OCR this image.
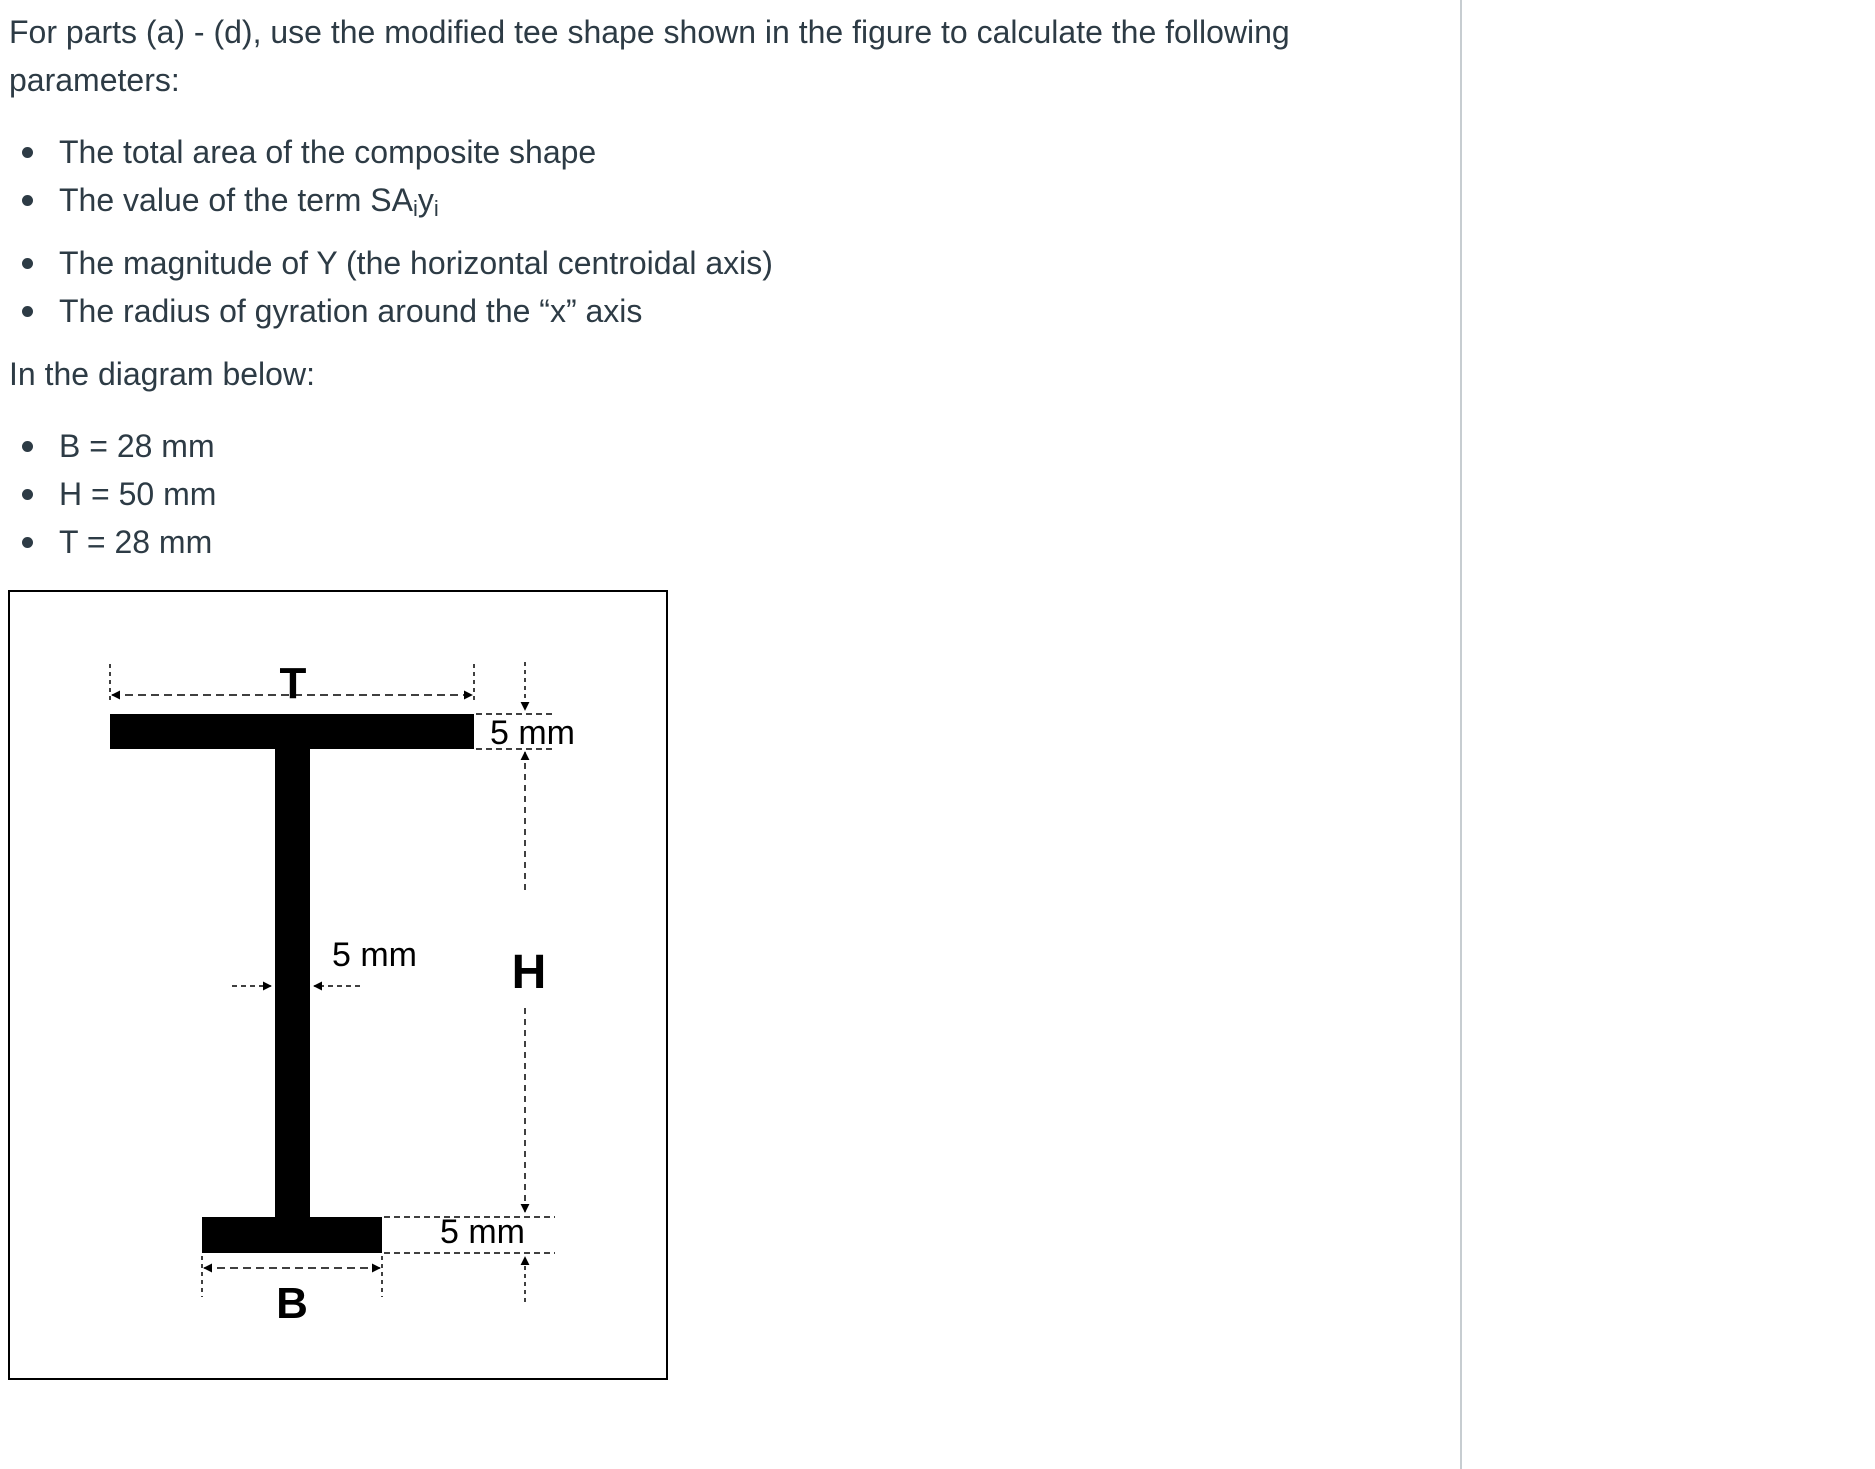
For parts (a) - (d), use the modified tee shape shown in the figure to calculate the following

parameters:

The total area of the composite shape
The value of the term $SA_iy_i$
The magnitude of Y (the horizontal centroidal axis)
The radius of gyration around the “x” axis

In the diagram below:

B = 28 mm
H = 50 mm
T = 28 mm
T
5 mm
H
5 mm
5 mm
B
